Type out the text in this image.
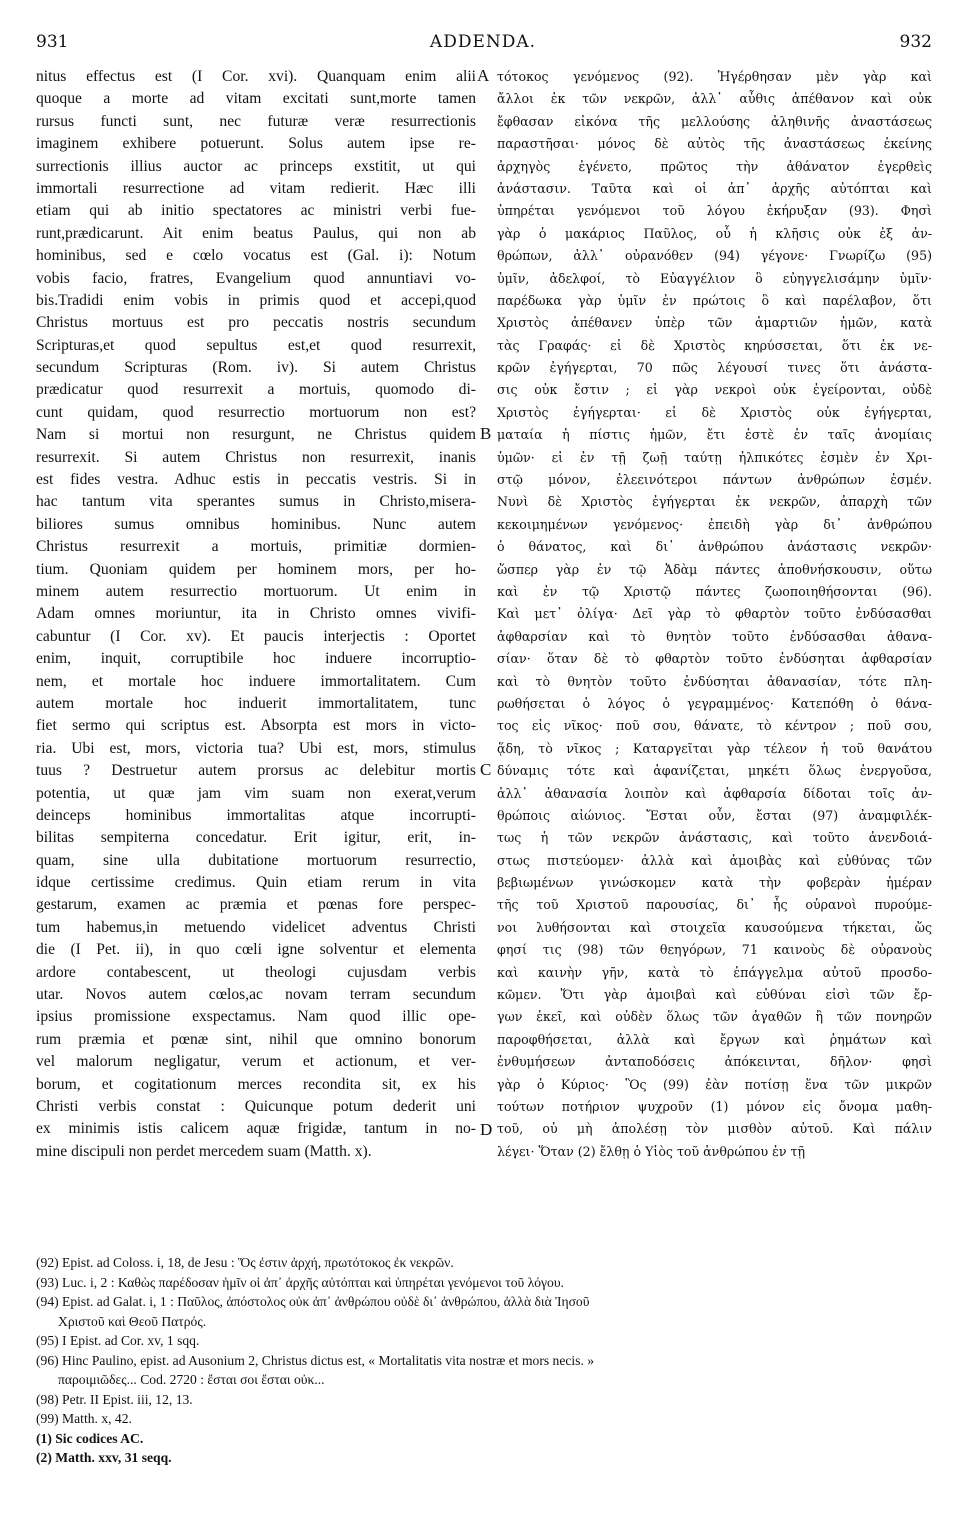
931	ADDENDA.	932
nitus effectus est (I Cor. xvi). Quanquam enim alii
quoque a morte ad vitam excitati sunt,morte tamen
rursus functi sunt, nec futuræ veræ resurrectionis
imaginem exhibere potuerunt. Solus autem ipse re-
surrectionis illius auctor ac princeps exstitit, ut qui
immortali resurrectione ad vitam redierit. Hæc illi
etiam qui ab initio spectatores ac ministri verbi fue-
runt,prædicarunt. Ait enim beatus Paulus, qui non ab
hominibus, sed e cœlo vocatus est (Gal. i): Notum
vobis facio, fratres, Evangelium quod annuntiavi vo-
bis.Tradidi enim vobis in primis quod et accepi,quod
Christus mortuus est pro peccatis nostris secundum
Scripturas,et quod sepultus est,et quod resurrexit,
secundum Scripturas (Rom. iv). Si autem Christus
prædicatur quod resurrexit a mortuis, quomodo di-
cunt quidam, quod resurrectio mortuorum non est?
Nam si mortui non resurgunt, ne Christus quidem
resurrexit. Si autem Christus non resurrexit, inanis
est fides vestra. Adhuc estis in peccatis vestris. Si in
hac tantum vita sperantes sumus in Christo,misera-
biliores sumus omnibus hominibus. Nunc autem
Christus resurrexit a mortuis, primitiæ dormien-
tium. Quoniam quidem per hominem mors, per ho-
minem autem resurrectio mortuorum. Ut enim in
Adam omnes moriuntur, ita in Christo omnes vivifi-
cabuntur (I Cor. xv). Et paucis interjectis : Oportet
enim, inquit, corruptibile hoc induere incorruptio-
nem, et mortale hoc induere immortalitatem. Cum
autem mortale hoc induerit immortalitatem, tunc
fiet sermo qui scriptus est. Absorpta est mors in victo-
ria. Ubi est, mors, victoria tua? Ubi est, mors, stimulus
tuus ? Destruetur autem prorsus ac delebitur mortis
potentia, ut quæ jam vim suam non exerat,verum
deinceps hominibus immortalitas atque incorrupti-
bilitas sempiterna concedatur. Erit igitur, erit, in-
quam, sine ulla dubitatione mortuorum resurrectio,
idque certissime credimus. Quin etiam rerum in vita
gestarum, examen ac præmia et pœnas fore perspec-
tum habemus,in metuendo videlicet adventus Christi
die (I Pet. ii), in quo cœli igne solventur et elementa
ardore contabescent, ut theologi cujusdam verbis
utar. Novos autem cœlos,ac novam terram secundum
ipsius promissione exspectamus. Nam quod illic ope-
rum præmia et pœnæ sint, nihil que omnino bonorum
vel malorum negligatur, verum et actionum, et ver-
borum, et cogitationum merces recondita sit, ex his
Christi verbis constat : Quicunque potum dederit uni
ex minimis istis calicem aquæ frigidæ, tantum in no-
mine discipuli non perdet mercedem suam (Matth. x).
τότοκος γενόμενος (92). Ἠγέρθησαν μὲν γὰρ καὶ
ἄλλοι ἐκ τῶν νεκρῶν, ἀλλ᾽ αὖθις ἀπέθανον καὶ οὐκ
ἔφθασαν εἰκόνα τῆς μελλούσης ἀληθινῆς ἀναστάσεως
παραστῆσαι· μόνος δὲ αὐτὸς τῆς ἀναστάσεως ἐκείνης
ἀρχηγὸς ἐγένετο, πρῶτος τὴν ἀθάνατον ἐγερθεὶς
ἀνάστασιν. Ταῦτα καὶ οἱ ἀπ᾽ ἀρχῆς αὐτόπται καὶ
ὑπηρέται γενόμενοι τοῦ λόγου ἐκήρυξαν (93). Φησὶ
γὰρ ὁ μακάριος Παῦλος, οὗ ἡ κλῆσις οὐκ ἐξ ἀν-
θρώπων, ἀλλ᾽ οὐρανόθεν (94) γέγονε· Γνωρίζω (95)
ὑμῖν, ἀδελφοί, τὸ Εὐαγγέλιον ὃ εὐηγγελισάμην ὑμῖν·
παρέδωκα γὰρ ὑμῖν ἐν πρώτοις ὃ καὶ παρέλαβον, ὅτι
Χριστὸς ἀπέθανεν ὑπὲρ τῶν ἁμαρτιῶν ἡμῶν, κατὰ
τὰς Γραφάς· εἰ δὲ Χριστὸς κηρύσσεται, ὅτι ἐκ νε-
κρῶν ἐγήγερται, 70 πῶς λέγουσί τινες ὅτι ἀνάστα-
σις οὐκ ἔστιν ; εἰ γὰρ νεκροὶ οὐκ ἐγείρονται, οὐδὲ
Χριστὸς ἐγήγερται· εἰ δὲ Χριστὸς οὐκ ἐγήγερται,
ματαία ἡ πίστις ἡμῶν, ἔτι ἐστὲ ἐν ταῖς ἀνομίαις
ὑμῶν· εἰ ἐν τῇ ζωῇ ταύτῃ ἠλπικότες ἐσμὲν ἐν Χρι-
στῷ μόνον, ἐλεεινότεροι πάντων ἀνθρώπων ἐσμέν.
Νυνὶ δὲ Χριστὸς ἐγήγερται ἐκ νεκρῶν, ἀπαρχὴ τῶν
κεκοιμημένων γενόμενος· ἐπειδὴ γὰρ δι᾽ ἀνθρώπου
ὁ θάνατος, καὶ δι᾽ ἀνθρώπου ἀνάστασις νεκρῶν·
ὥσπερ γὰρ ἐν τῷ Ἀδὰμ πάντες ἀποθνήσκουσιν, οὕτω
καὶ ἐν τῷ Χριστῷ πάντες ζωοποιηθήσονται (96).
Καὶ μετ᾽ ὀλίγα· Δεῖ γὰρ τὸ φθαρτὸν τοῦτο ἐνδύσασθαι
ἀφθαρσίαν καὶ τὸ θνητὸν τοῦτο ἐνδύσασθαι ἀθανα-
σίαν· ὅταν δὲ τὸ φθαρτὸν τοῦτο ἐνδύσηται ἀφθαρσίαν
καὶ τὸ θνητὸν τοῦτο ἐνδύσηται ἀθανασίαν, τότε πλη-
ρωθήσεται ὁ λόγος ὁ γεγραμμένος· Κατεπόθη ὁ θάνα-
τος εἰς νῖκος· ποῦ σου, θάνατε, τὸ κέντρον ; ποῦ σου,
ᾅδη, τὸ νῖκος ; Καταργεῖται γὰρ τέλεον ἡ τοῦ θανάτου
δύναμις τότε καὶ ἀφανίζεται, μηκέτι ὅλως ἐνεργοῦσα,
ἀλλ᾽ ἀθανασία λοιπὸν καὶ ἀφθαρσία δίδοται τοῖς ἀν-
θρώποις αἰώνιος. Ἔσται οὖν, ἔσται (97) ἀναμφιλέκ-
τως ἡ τῶν νεκρῶν ἀνάστασις, καὶ τοῦτο ἀνενδοιά-
στως πιστεύομεν· ἀλλὰ καὶ ἀμοιβὰς καὶ εὐθύνας τῶν
βεβιωμένων γινώσκομεν κατὰ τὴν φοβερὰν ἡμέραν
τῆς τοῦ Χριστοῦ παρουσίας, δι᾽ ἧς οὐρανοὶ πυρούμε-
νοι λυθήσονται καὶ στοιχεῖα καυσούμενα τήκεται, ὥς
φησί τις (98) τῶν θεηγόρων, 71 καινοὺς δὲ οὐρανοὺς
καὶ καινὴν γῆν, κατὰ τὸ ἐπάγγελμα αὐτοῦ προσδο-
κῶμεν. Ὅτι γὰρ ἀμοιβαὶ καὶ εὐθύναι εἰσὶ τῶν ἔρ-
γων ἐκεῖ, καὶ οὐδὲν ὅλως τῶν ἀγαθῶν ἢ τῶν πονηρῶν
παροφθήσεται, ἀλλὰ καὶ ἔργων καὶ ῥημάτων καὶ
ἐνθυμήσεων ἀνταποδόσεις ἀπόκεινται, δῆλον· φησὶ
γὰρ ὁ Κύριος· Ὃς (99) ἐὰν ποτίσῃ ἕνα τῶν μικρῶν
τούτων ποτήριον ψυχροῦν (1) μόνον εἰς ὄνομα μαθη-
τοῦ, οὐ μὴ ἀπολέσῃ τὸν μισθὸν αὐτοῦ. Καὶ πάλιν
λέγει· Ὅταν (2) ἔλθῃ ὁ Υἱὸς τοῦ ἀνθρώπου ἐν τῇ
A
B
C
D
(92) Epist. ad Coloss. i, 18, de Jesu : Ὅς ἐστιν ἀρχή, πρωτότοκος ἐκ νεκρῶν.
(93) Luc. i, 2 : Καθὼς παρέδοσαν ἡμῖν οἱ ἀπ᾽ ἀρχῆς αὐτόπται καὶ ὑπηρέται γενόμενοι τοῦ λόγου.
(94) Epist. ad Galat. i, 1 : Παῦλος, ἀπόστολος οὐκ ἀπ᾽ ἀνθρώπου οὐδὲ δι᾽ ἀνθρώπου, ἀλλὰ διὰ Ἰησοῦ
Χριστοῦ καὶ Θεοῦ Πατρός.
(95) I Epist. ad Cor. xv, 1 sqq.
(96) Hinc Paulino, epist. ad Ausonium 2, Christus dictus est, « Mortalitatis vita nostræ et mors necis. »
παροιμιῶδες... Cod. 2720 : ἔσται σοι ἔσται οὐκ...
(98) Petr. II Epist. iii, 12, 13.
(99) Matth. x, 42.
(1) Sic codices AC.
(2) Matth. xxv, 31 seqq.
